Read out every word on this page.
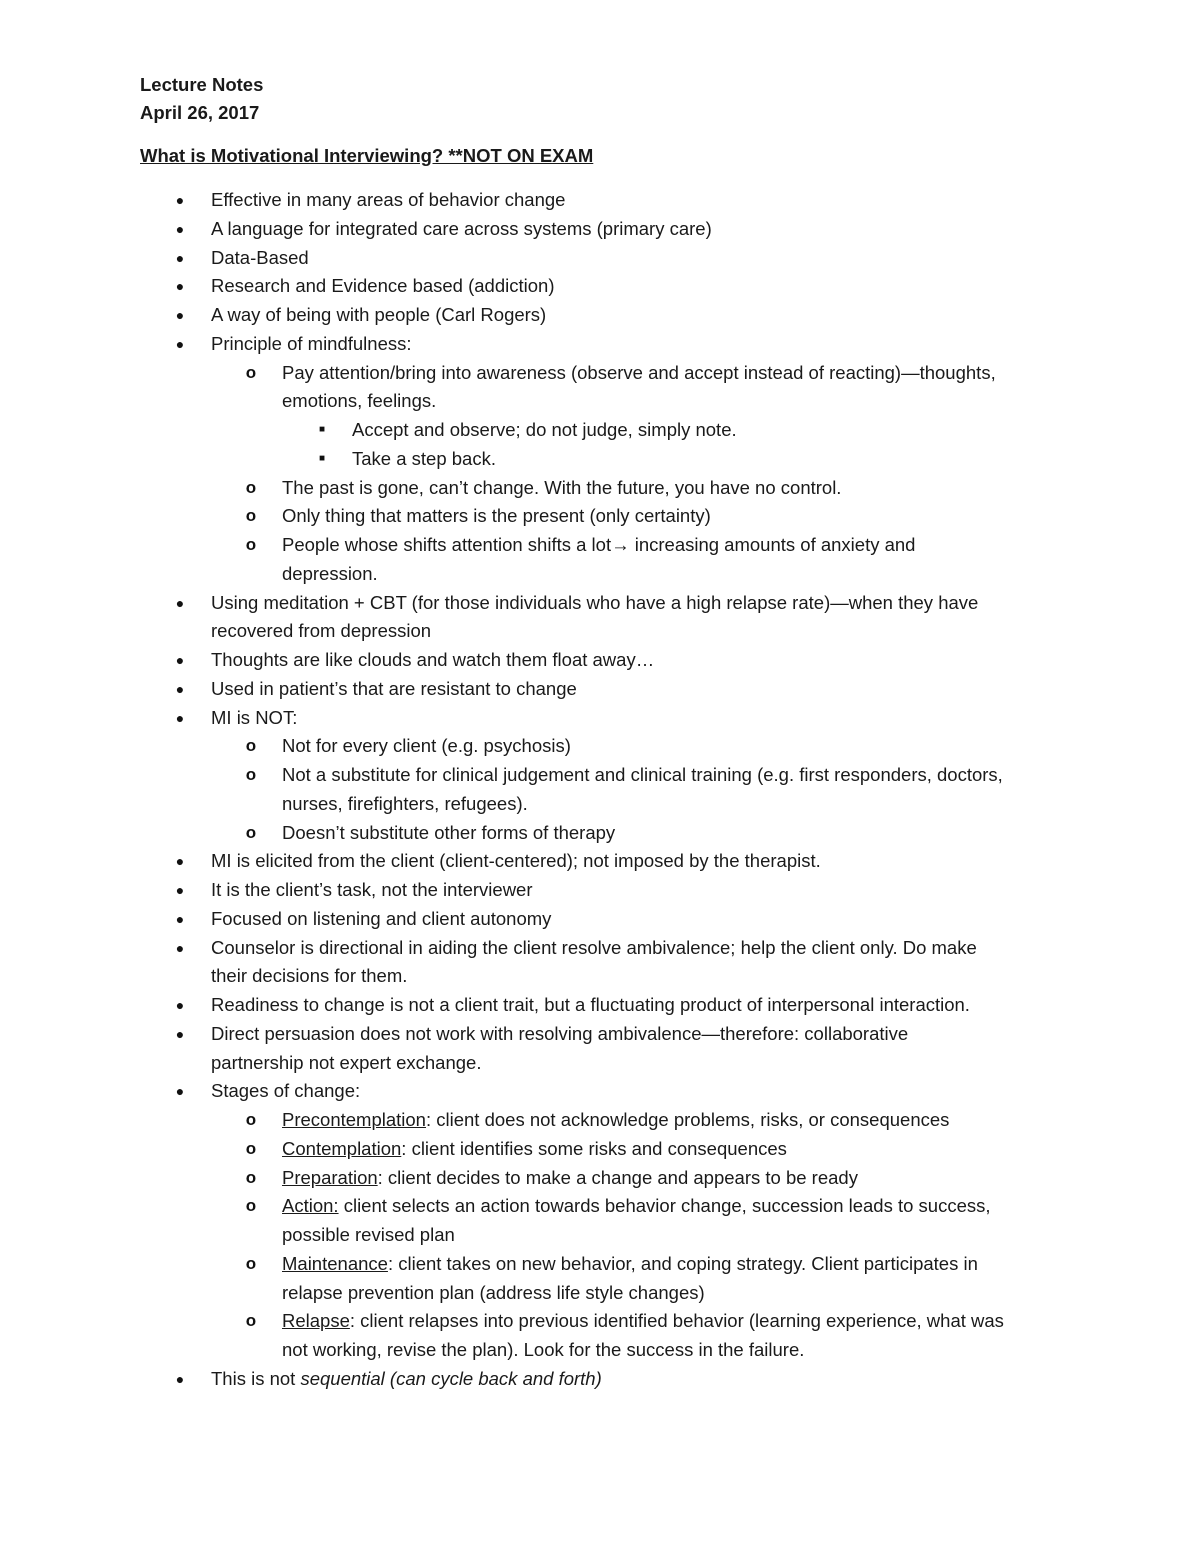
Lecture Notes
April 26, 2017
What is Motivational Interviewing? **NOT ON EXAM
●	Effective in many areas of behavior change
●	A language for integrated care across systems (primary care)
●	Data-Based
●	Research and Evidence based (addiction)
●	A way of being with people (Carl Rogers)
●	Principle of mindfulness:
o Pay attention/bring into awareness (observe and accept instead of reacting)—thoughts,
emotions, feelings.
■	Accept and observe; do not judge, simply note.
■	Take a step back.
o The past is gone, can’t change. With the future, you have no control.
o Only thing that matters is the present (only certainty)
o People whose shifts attention shifts a lot→ increasing amounts of anxiety and
depression.
●	Using meditation + CBT (for those individuals who have a high relapse rate)—when they have
recovered from depression
●	Thoughts are like clouds and watch them float away…
●	Used in patient’s that are resistant to change
●	MI is NOT:
o Not for every client (e.g. psychosis)
o Not a substitute for clinical judgement and clinical training (e.g. first responders, doctors,
nurses, firefighters, refugees).
o Doesn’t substitute other forms of therapy
●	MI is elicited from the client (client-centered); not imposed by the therapist.
●	It is the client’s task, not the interviewer
●	Focused on listening and client autonomy
●	Counselor is directional in aiding the client resolve ambivalence; help the client only. Do make
their decisions for them.
●	Readiness to change is not a client trait, but a fluctuating product of interpersonal interaction.
●	Direct persuasion does not work with resolving ambivalence—therefore: collaborative
partnership not expert exchange.
●	Stages of change:
o Precontemplation: client does not acknowledge problems, risks, or consequences
o Contemplation: client identifies some risks and consequences
o Preparation: client decides to make a change and appears to be ready
o Action: client selects an action towards behavior change, succession leads to success,
possible revised plan
o Maintenance: client takes on new behavior, and coping strategy. Client participates in
relapse prevention plan (address life style changes)
o Relapse: client relapses into previous identified behavior (learning experience, what was
not working, revise the plan). Look for the success in the failure.
●	This is not sequential (can cycle back and forth)
